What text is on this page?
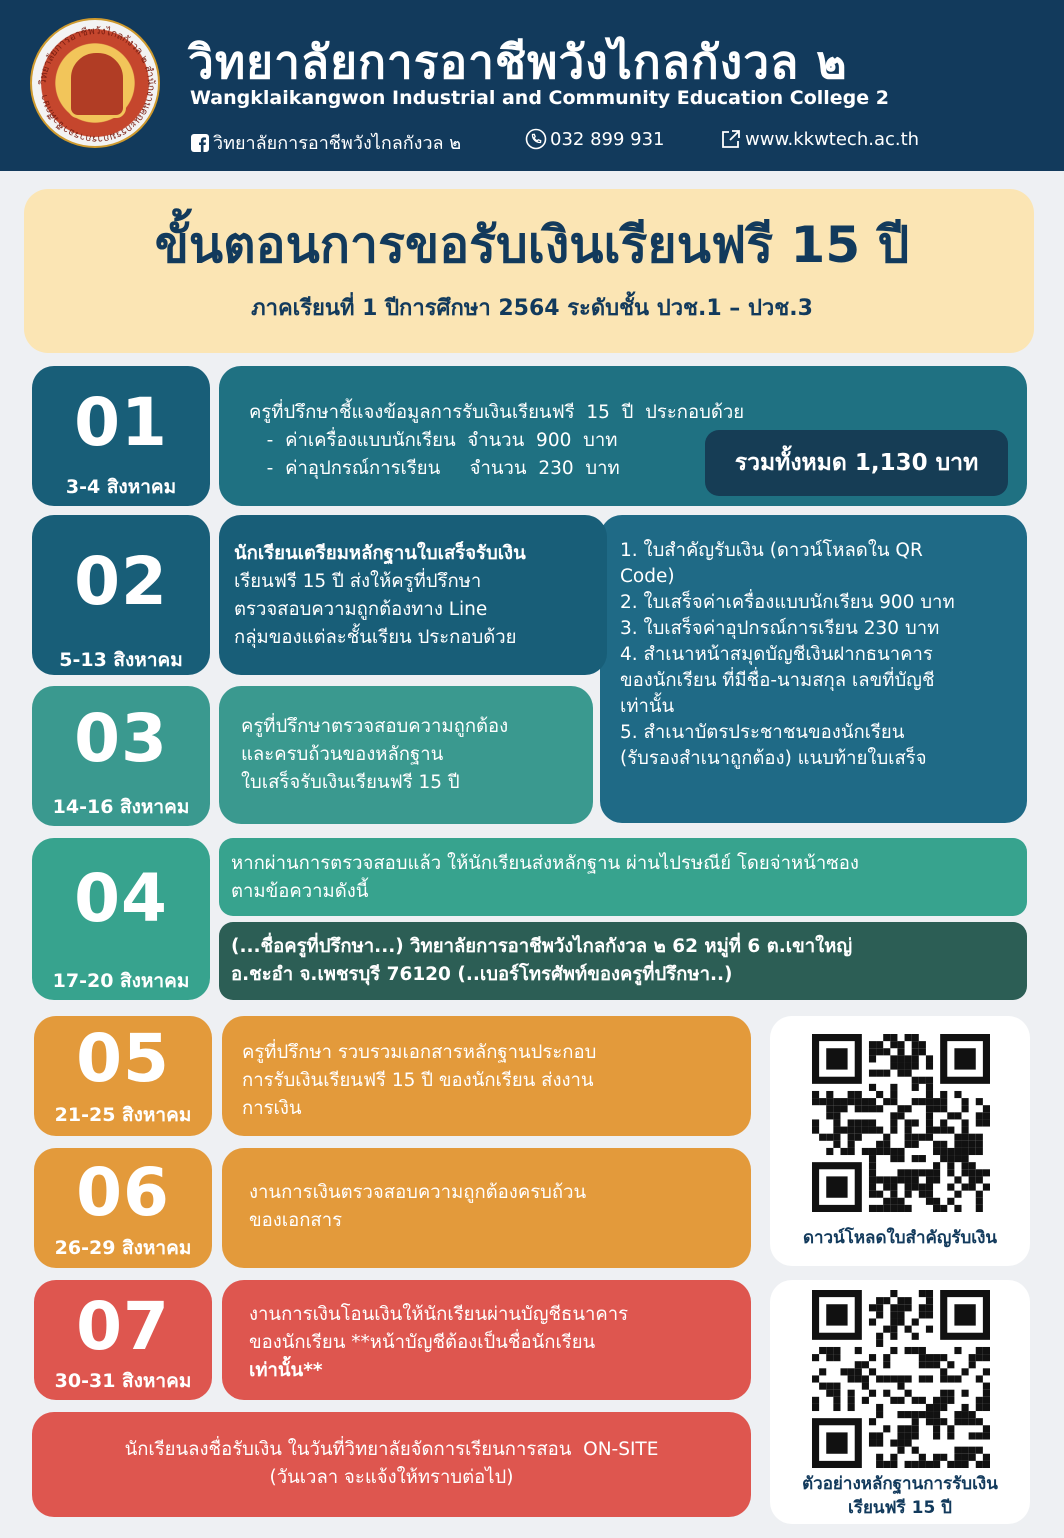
วิทยาลัยการอาชีพวังไกลกังวล ๒ สำนักงานคณะกรรมการการอาชีวศึกษา
วิทยาลัยการอาชีพวังไกลกังวล ๒
Wangklaikangwon Industrial and Community Education College 2
วิทยาลัยการอาชีพวังไกลกังวล ๒	032 899 931	www.kkwtech.ac.th
ขั้นตอนการขอรับเงินเรียนฟรี 15 ปี
ภาคเรียนที่ 1 ปีการศึกษา 2564 ระดับชั้น ปวช.1 – ปวช.3
01
3-4 สิงหาคม
ครูที่ปรึกษาชี้แจงข้อมูลการรับเงินเรียนฟรี  15  ปี  ประกอบด้วย
-  ค่าเครื่องแบบนักเรียน  จำนวน  900  บาท
-  ค่าอุปกรณ์การเรียน     จำนวน  230  บาท	รวมทั้งหมด 1,130 บาท
02
5-13 สิงหาคม
1. ใบสำคัญรับเงิน (ดาวน์โหลดใน QR
Code)
2. ใบเสร็จค่าเครื่องแบบนักเรียน 900 บาท
3. ใบเสร็จค่าอุปกรณ์การเรียน 230 บาท
4. สำเนาหน้าสมุดบัญชีเงินฝากธนาคาร
ของนักเรียน ที่มีชื่อ-นามสกุล เลขที่บัญชี
เท่านั้น
5. สำเนาบัตรประชาชนของนักเรียน
(รับรองสำเนาถูกต้อง) แนบท้ายใบเสร็จ
นักเรียนเตรียมหลักฐานใบเสร็จรับเงิน
เรียนฟรี 15 ปี ส่งให้ครูที่ปรึกษา
ตรวจสอบความถูกต้องทาง Line
กลุ่มของแต่ละชั้นเรียน ประกอบด้วย
03
14-16 สิงหาคม
ครูที่ปรึกษาตรวจสอบความถูกต้อง
และครบถ้วนของหลักฐาน
ใบเสร็จรับเงินเรียนฟรี 15 ปี
04
17-20 สิงหาคม
หากผ่านการตรวจสอบแล้ว ให้นักเรียนส่งหลักฐาน ผ่านไปรษณีย์ โดยจ่าหน้าซอง
ตามข้อความดังนี้
(...ชื่อครูที่ปรึกษา...) วิทยาลัยการอาชีพวังไกลกังวล ๒ 62 หมู่ที่ 6 ต.เขาใหญ่
อ.ชะอำ จ.เพชรบุรี 76120 (..เบอร์โทรศัพท์ของครูที่ปรึกษา..)
05
21-25 สิงหาคม
ครูที่ปรึกษา รวบรวมเอกสารหลักฐานประกอบ
การรับเงินเรียนฟรี 15 ปี ของนักเรียน ส่งงาน
การเงิน
06
26-29 สิงหาคม
งานการเงินตรวจสอบความถูกต้องครบถ้วน
ของเอกสาร
07
30-31 สิงหาคม
งานการเงินโอนเงินให้นักเรียนผ่านบัญชีธนาคาร
ของนักเรียน **หน้าบัญชีต้องเป็นชื่อนักเรียน
เท่านั้น**
นักเรียนลงชื่อรับเงิน ในวันที่วิทยาลัยจัดการเรียนการสอน  ON-SITE
(วันเวลา จะแจ้งให้ทราบต่อไป)
ดาวน์โหลดใบสำคัญรับเงิน
ตัวอย่างหลักฐานการรับเงิน
เรียนฟรี 15 ปี
